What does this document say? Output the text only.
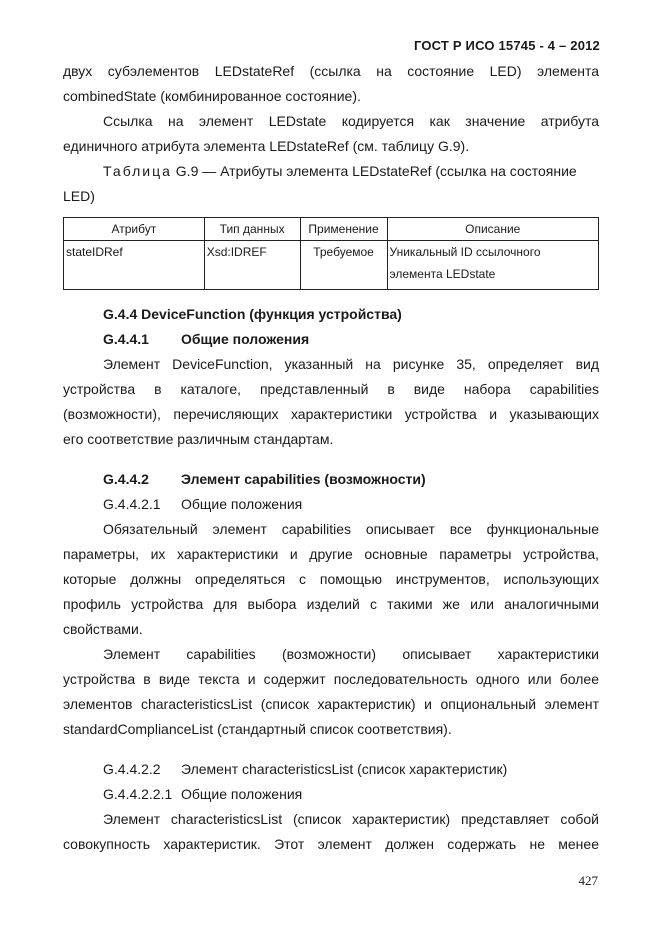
ГОСТ Р ИСО 15745 - 4 – 2012
двух субэлементов LEDstateRef (ссылка на состояние LED) элемента
combinedState (комбинированное состояние).
Ссылка на элемент LEDstate кодируется как значение атрибута
единичного атрибута элемента LEDstateRef (см. таблицу G.9).
Таблица G.9 — Атрибуты элемента LEDstateRef (ссылка на состояние
LED)
Атрибут	Тип данных	Применение	Описание
stateIDRef	Xsd:IDREF	Требуемое	Уникальный ID ссылочного
элемента LEDstate
G.4.4 DeviceFunction (функция устройства)
G.4.4.1 Общие положения
Элемент DeviceFunction, указанный на рисунке 35, определяет вид
устройства в каталоге, представленный в виде набора capabilities
(возможности), перечисляющих характеристики устройства и указывающих
его соответствие различным стандартам.
G.4.4.2 Элемент capabilities (возможности)
G.4.4.2.1 Общие положения
Обязательный элемент capabilities описывает все функциональные
параметры, их характеристики и другие основные параметры устройства,
которые должны определяться с помощью инструментов, использующих
профиль устройства для выбора изделий с такими же или аналогичными
свойствами.
Элемент capabilities (возможности) описывает характеристики
устройства в виде текста и содержит последовательность одного или более
элементов characteristicsList (список характеристик) и опциональный элемент
standardComplianceList (стандартный список соответствия).
G.4.4.2.2 Элемент characteristicsList (список характеристик)
G.4.4.2.2.1 Общие положения
Элемент characteristicsList (список характеристик) представляет собой
совокупность характеристик. Этот элемент должен содержать не менее
427
